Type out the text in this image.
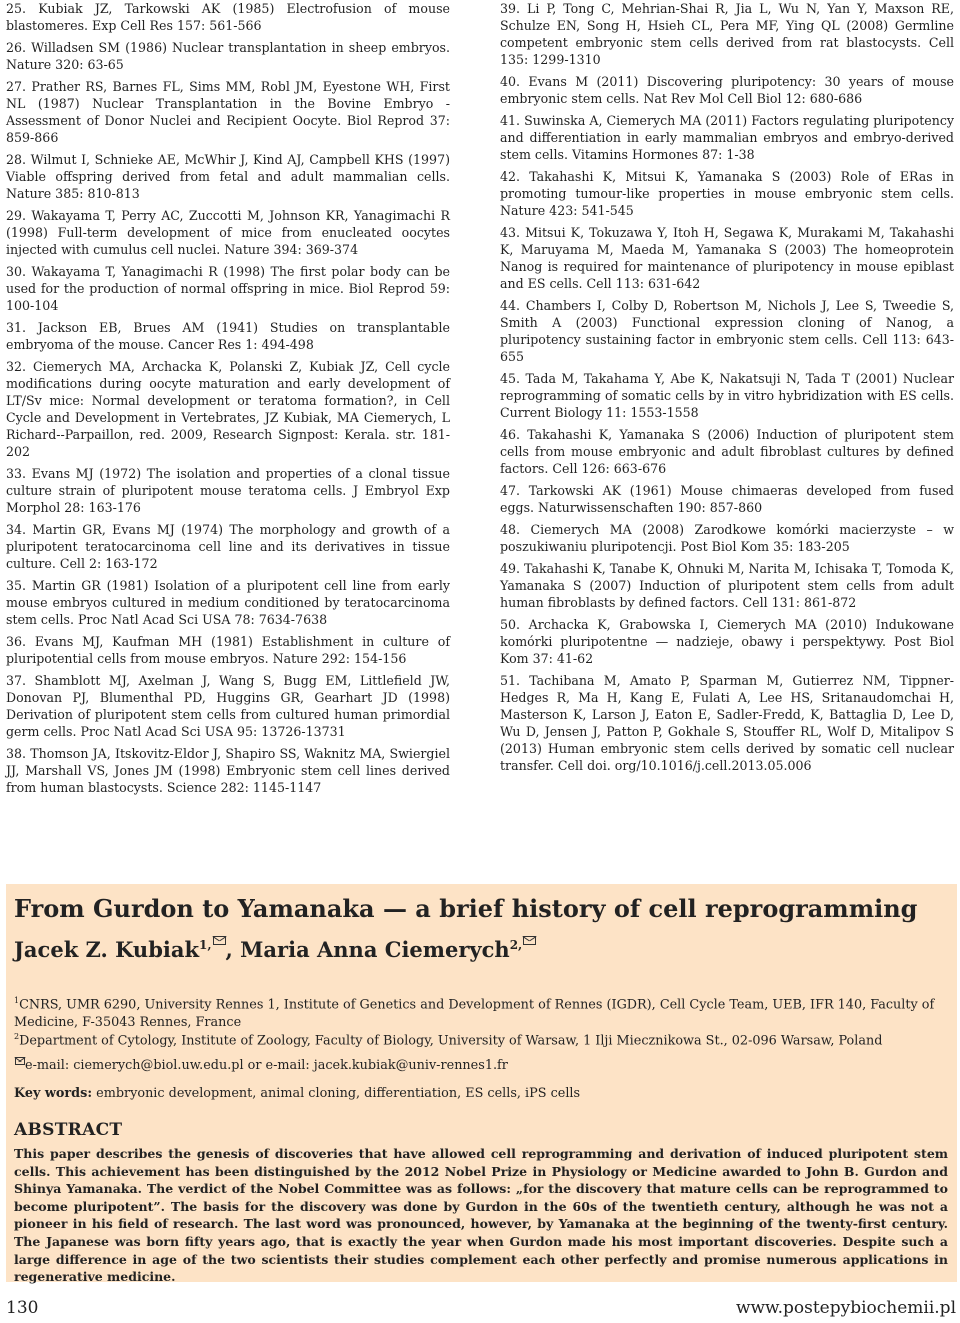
25. Kubiak JZ, Tarkowski AK (1985) Electrofusion of mouse blastomeres. Exp Cell Res 157: 561-566

26. Willadsen SM (1986) Nuclear transplantation in sheep embryos. Nature 320: 63-65

27. Prather RS, Barnes FL, Sims MM, Robl JM, Eyestone WH, First NL (1987) Nuclear Transplantation in the Bovine Embryo - Assessment of Donor Nuclei and Recipient Oocyte. Biol Reprod 37: 859-866

28. Wilmut I, Schnieke AE, McWhir J, Kind AJ, Campbell KHS (1997) Viable offspring derived from fetal and adult mammalian cells. Nature 385: 810-813

29. Wakayama T, Perry AC, Zuccotti M, Johnson KR, Yanagimachi R (1998) Full-term development of mice from enucleated oocytes injected with cumulus cell nuclei. Nature 394: 369-374

30. Wakayama T, Yanagimachi R (1998) The first polar body can be used for the production of normal offspring in mice. Biol Reprod 59: 100-104

31. Jackson EB, Brues AM (1941) Studies on transplantable embryoma of the mouse. Cancer Res 1: 494-498

32. Ciemerych MA, Archacka K, Polanski Z, Kubiak JZ, Cell cycle modifications during oocyte maturation and early development of LT/Sv mice: Normal development or teratoma formation?, in Cell Cycle and Development in Vertebrates, JZ Kubiak, MA Ciemerych, L Richard--Parpaillon, red. 2009, Research Signpost: Kerala. str. 181-202

33. Evans MJ (1972) The isolation and properties of a clonal tissue culture strain of pluripotent mouse teratoma cells. J Embryol Exp Morphol 28: 163-176

34. Martin GR, Evans MJ (1974) The morphology and growth of a pluripotent teratocarcinoma cell line and its derivatives in tissue culture. Cell 2: 163-172

35. Martin GR (1981) Isolation of a pluripotent cell line from early mouse embryos cultured in medium conditioned by teratocarcinoma stem cells. Proc Natl Acad Sci USA 78: 7634-7638

36. Evans MJ, Kaufman MH (1981) Establishment in culture of pluripotential cells from mouse embryos. Nature 292: 154-156

37. Shamblott MJ, Axelman J, Wang S, Bugg EM, Littlefield JW, Donovan PJ, Blumenthal PD, Huggins GR, Gearhart JD (1998) Derivation of pluripotent stem cells from cultured human primordial germ cells. Proc Natl Acad Sci USA 95: 13726-13731

38. Thomson JA, Itskovitz-Eldor J, Shapiro SS, Waknitz MA, Swiergiel JJ, Marshall VS, Jones JM (1998) Embryonic stem cell lines derived from human blastocysts. Science 282: 1145-1147

39. Li P, Tong C, Mehrian-Shai R, Jia L, Wu N, Yan Y, Maxson RE, Schulze EN, Song H, Hsieh CL, Pera MF, Ying QL (2008) Germline competent embryonic stem cells derived from rat blastocysts. Cell 135: 1299-1310

40. Evans M (2011) Discovering pluripotency: 30 years of mouse embryonic stem cells. Nat Rev Mol Cell Biol 12: 680-686

41. Suwinska A, Ciemerych MA (2011) Factors regulating pluripotency and differentiation in early mammalian embryos and embryo-derived stem cells. Vitamins Hormones 87: 1-38

42. Takahashi K, Mitsui K, Yamanaka S (2003) Role of ERas in promoting tumour-like properties in mouse embryonic stem cells. Nature 423: 541-545

43. Mitsui K, Tokuzawa Y, Itoh H, Segawa K, Murakami M, Takahashi K, Maruyama M, Maeda M, Yamanaka S (2003) The homeoprotein Nanog is required for maintenance of pluripotency in mouse epiblast and ES cells. Cell 113: 631-642

44. Chambers I, Colby D, Robertson M, Nichols J, Lee S, Tweedie S, Smith A (2003) Functional expression cloning of Nanog, a pluripotency sustaining factor in embryonic stem cells. Cell 113: 643-655

45. Tada M, Takahama Y, Abe K, Nakatsuji N, Tada T (2001) Nuclear reprogramming of somatic cells by in vitro hybridization with ES cells. Current Biology 11: 1553-1558

46. Takahashi K, Yamanaka S (2006) Induction of pluripotent stem cells from mouse embryonic and adult fibroblast cultures by defined factors. Cell 126: 663-676

47. Tarkowski AK (1961) Mouse chimaeras developed from fused eggs. Naturwissenschaften 190: 857-860

48. Ciemerych MA (2008) Zarodkowe komórki macierzyste – w poszukiwaniu pluripotencji. Post Biol Kom 35: 183-205

49. Takahashi K, Tanabe K, Ohnuki M, Narita M, Ichisaka T, Tomoda K, Yamanaka S (2007) Induction of pluripotent stem cells from adult human fibroblasts by defined factors. Cell 131: 861-872

50. Archacka K, Grabowska I, Ciemerych MA (2010) Indukowane komórki pluripotentne — nadzieje, obawy i perspektywy. Post Biol Kom 37: 41-62

51. Tachibana M, Amato P, Sparman M, Gutierrez NM, Tippner-Hedges R, Ma H, Kang E, Fulati A, Lee HS, Sritanaudomchai H, Masterson K, Larson J, Eaton E, Sadler-Fredd, K, Battaglia D, Lee D, Wu D, Jensen J, Patton P, Gokhale S, Stouffer RL, Wolf D, Mitalipov S (2013) Human embryonic stem cells derived by somatic cell nuclear transfer. Cell doi. org/10.1016/j.cell.2013.05.006

From Gurdon to Yamanaka — a brief history of cell reprogramming
Jacek Z. Kubiak$^{1,}$ , Maria Anna Ciemerych$^{2,}$
$^1$CNRS, UMR 6290, University Rennes 1, Institute of Genetics and Development of Rennes (IGDR), Cell Cycle Team, UEB, IFR 140, Faculty of Medicine, F-35043 Rennes, France
$^2$Department of Cytology, Institute of Zoology, Faculty of Biology, University of Warsaw, 1 Ilji Miecznikowa St., 02-096 Warsaw, Poland
e-mail: ciemerych@biol.uw.edu.pl or e-mail: jacek.kubiak@univ-rennes1.fr
Key words: embryonic development, animal cloning, differentiation, ES cells, iPS cells
ABSTRACT
This paper describes the genesis of discoveries that have allowed cell reprogramming and derivation of induced pluripotent stem cells. This achievement has been distinguished by the 2012 Nobel Prize in Physiology or Medicine awarded to John B. Gurdon and Shinya Yamanaka. The verdict of the Nobel Committee was as follows: „for the discovery that mature cells can be reprogrammed to become pluripotent”. The basis for the discovery was done by Gurdon in the 60s of the twentieth century, although he was not a pioneer in his field of research. The last word was pronounced, however, by Yamanaka at the beginning of the twenty-first century. The Japanese was born fifty years ago, that is exactly the year when Gurdon made his most important discoveries. Despite such a large difference in age of the two scientists their studies complement each other perfectly and promise numerous applications in regenerative medicine.
130	www.postepybiochemii.pl
